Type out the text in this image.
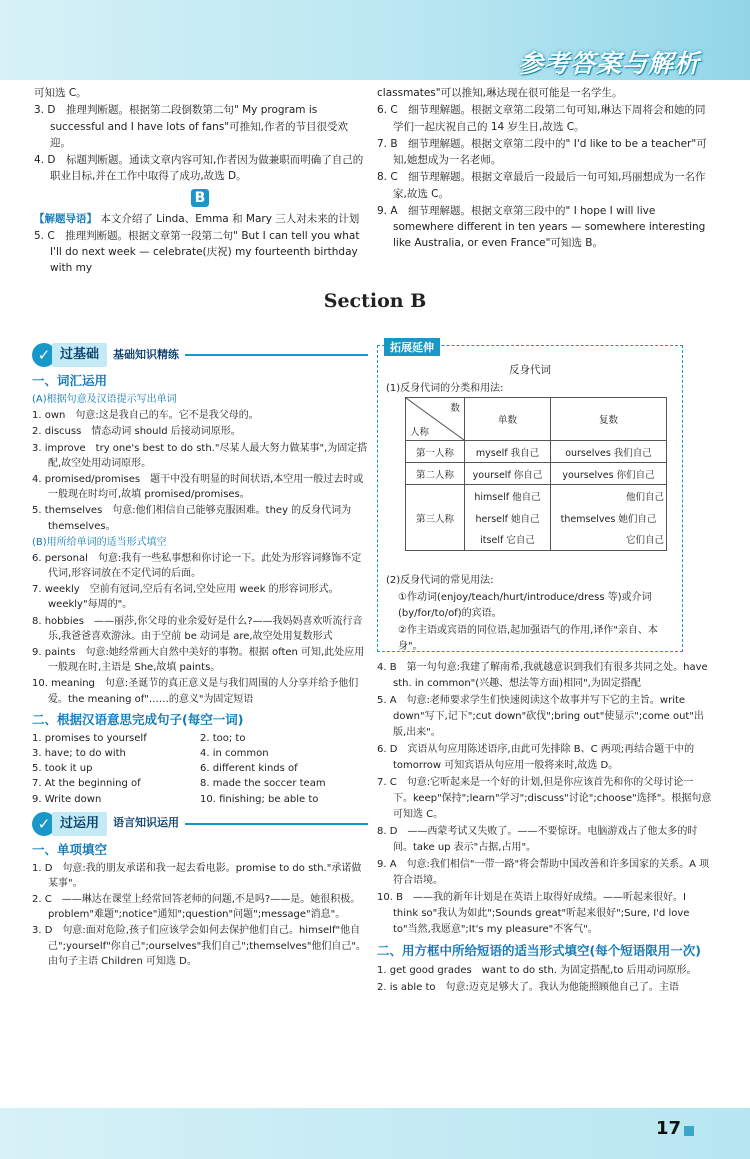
参考答案与解析

可知选 C。

3. D　推理判断题。根据第二段倒数第二句" My program is successful and I have lots of fans"可推知,作者的节目很受欢迎。

4. D　标题判断题。通读文章内容可知,作者因为做兼职而明确了自己的职业目标,并在工作中取得了成功,故选 D。

B

【解题导语】 本文介绍了 Linda、Emma 和 Mary 三人对未来的计划

5. C　推理判断题。根据文章第一段第二句" But I can tell you what I'll do next week — celebrate(庆祝) my fourteenth birthday with my

classmates"可以推知,琳达现在很可能是一名学生。

6. C　细节理解题。根据文章第二段第二句可知,琳达下周将会和她的同学们一起庆祝自己的 14 岁生日,故选 C。

7. B　细节理解题。根据文章第二段中的" I'd like to be a teacher"可知,她想成为一名老师。

8. C　细节理解题。根据文章最后一段最后一句可知,玛丽想成为一名作家,故选 C。

9. A　细节理解题。根据文章第三段中的" I hope I will live somewhere different in ten years — somewhere interesting like Australia, or even France"可知选 B。

Section B
✓ 过基础	基础知识精练
一、词汇运用
(A)根据句意及汉语提示写出单词

1. own　句意:这是我自己的车。它不是我父母的。

2. discuss　情态动词 should 后接动词原形。

3. improve　try one's best to do sth."尽某人最大努力做某事",为固定搭配,故空处用动词原形。

4. promised/promises　题干中没有明显的时间状语,本空用一般过去时或一般现在时均可,故填 promised/promises。

5. themselves　句意:他们相信自己能够克服困难。they 的反身代词为 themselves。

(B)用所给单词的适当形式填空

6. personal　句意:我有一些私事想和你讨论一下。此处为形容词修饰不定代词,形容词放在不定代词的后面。

7. weekly　空前有冠词,空后有名词,空处应用 week 的形容词形式。weekly"每周的"。

8. hobbies　——丽莎,你父母的业余爱好是什么?——我妈妈喜欢听流行音乐,我爸爸喜欢游泳。由于空前 be 动词是 are,故空处用复数形式

9. paints　句意:她经常画大自然中美好的事物。根据 often 可知,此处应用一般现在时,主语是 She,故填 paints。

10. meaning　句意:圣诞节的真正意义是与我们周围的人分享并给予他们爱。the meaning of"……的意义"为固定短语

二、根据汉语意思完成句子(每空一词)
1. promises to yourself	2. too; to
3. have; to do with	4. in common
5. took it up	6. different kinds of
7. At the beginning of	8. made the soccer team
9. Write down	10. finishing; be able to
✓ 过运用	语言知识运用
一、单项填空

1. D　句意:我的朋友承诺和我一起去看电影。promise to do sth."承诺做某事"。

2. C　——琳达在课堂上经常回答老师的问题,不是吗?——是。她很积极。problem"难题";notice"通知";question"问题";message"消息"。

3. D　句意:面对危险,孩子们应该学会如何去保护他们自己。himself"他自己";yourself"你自己";ourselves"我们自己";themselves"他们自己"。由句子主语 Children 可知选 D。

拓展延伸
反身代词
(1)反身代词的分类和用法:
数
人称	单数	复数
第一人称	myself 我自己	ourselves 我们自己
第二人称	yourself 你自己	yourselves 你们自己
第三人称	himself 他自己	他们自己
	herself 她自己	themselves 她们自己
	itself 它自己	它们自己

(2)反身代词的常见用法:

①作动词(enjoy/teach/hurt/introduce/dress 等)或介词(by/for/to/of)的宾语。

②作主语或宾语的同位语,起加强语气的作用,译作"亲自、本身"。

4. B　第一句句意:我建了解南希,我就越意识到我们有很多共同之处。have sth. in common"(兴趣、想法等方面)相同",为固定搭配

5. A　句意:老师要求学生们快速阅读这个故事并写下它的主旨。write down"写下,记下";cut down"砍伐";bring out"使显示";come out"出版,出来"。

6. D　宾语从句应用陈述语序,由此可先排除 B、C 两项;再结合题干中的 tomorrow 可知宾语从句应用一般将来时,故选 D。

7. C　句意:它听起来是一个好的计划,但是你应该首先和你的父母讨论一下。keep"保持";learn"学习";discuss"讨论";choose"选择"。根据句意可知选 C。

8. D　——西蒙考试又失败了。——不要惊讶。电脑游戏占了他太多的时间。take up 表示"占据,占用"。

9. A　句意:我们相信"一带一路"将会帮助中国改善和许多国家的关系。A 项符合语境。

10. B　——我的新年计划是在英语上取得好成绩。——听起来很好。I think so"我认为如此";Sounds great"听起来很好";Sure, I'd love to"当然,我愿意";It's my pleasure"不客气"。

二、用方框中所给短语的适当形式填空(每个短语限用一次)

1. get good grades　want to do sth. 为固定搭配,to 后用动词原形。

2. is able to　句意:迈克足够大了。我认为他能照顾他自己了。主语

17
